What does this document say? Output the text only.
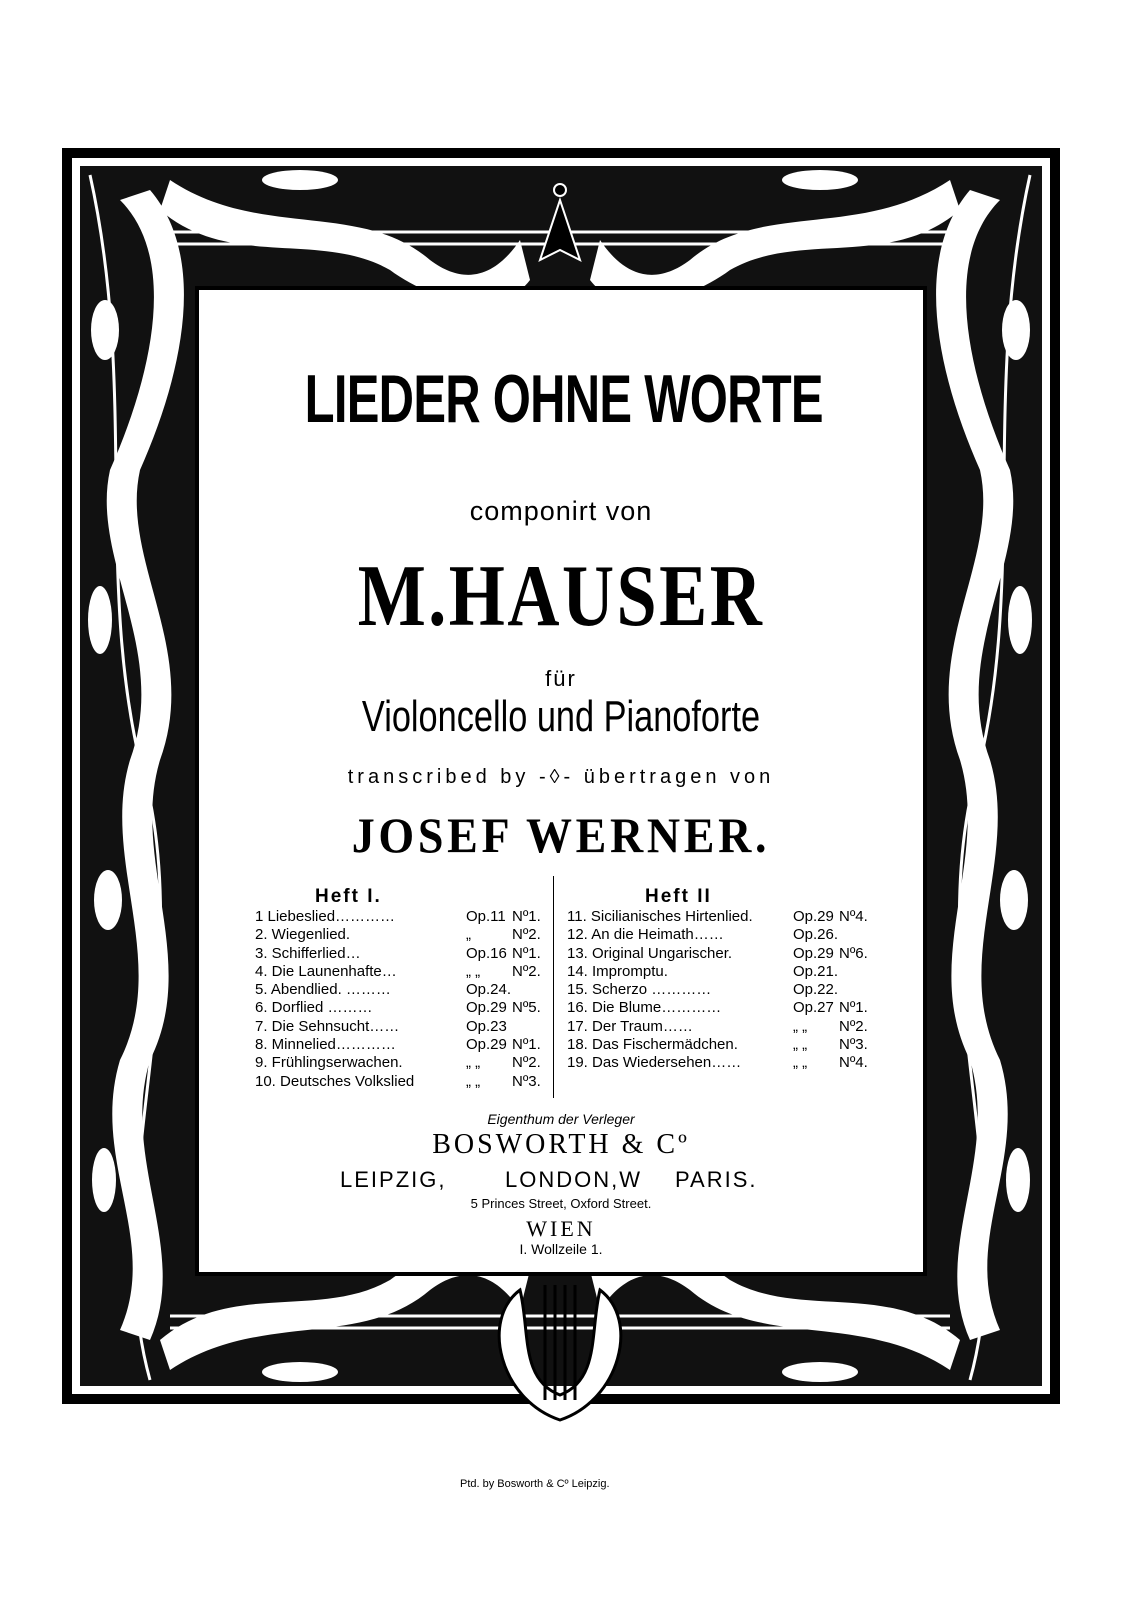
LIEDER OHNE WORTE
componirt von
M.HAUSER
für
Violoncello und Pianoforte
transcribed by -◊- übertragen von
JOSEF WERNER.
Heft I.	Heft II
1 Liebeslied…………	Op.11 Nº1.
2. Wiegenlied.	„	Nº2.
3. Schifferlied…	Op.16 Nº1.
4. Die Launenhafte…	„ „	Nº2.
5. Abendlied. ………	Op.24.
6. Dorflied ………	Op.29 Nº5.
7. Die Sehnsucht……	Op.23
8. Minnelied…………	Op.29 Nº1.
9. Frühlingserwachen.	„ „	Nº2.
10. Deutsches Volkslied	„ „	Nº3.
11. Sicilianisches Hirtenlied.	Op.29 Nº4.
12. An die Heimath……	Op.26.
13. Original Ungarischer.	Op.29 Nº6.
14. Impromptu.	Op.21.
15. Scherzo …………	Op.22.
16. Die Blume…………	Op.27 Nº1.
17. Der Traum……	„ „	Nº2.
18. Das Fischermädchen.	„ „	Nº3.
19. Das Wiedersehen……	„ „	Nº4.
Eigenthum der Verleger
BOSWORTH & Cº
LEIPZIG,	LONDON,W PARIS.
5 Princes Street, Oxford Street.
WIEN
I. Wollzeile 1.
Ptd. by Bosworth & Cº Leipzig.
